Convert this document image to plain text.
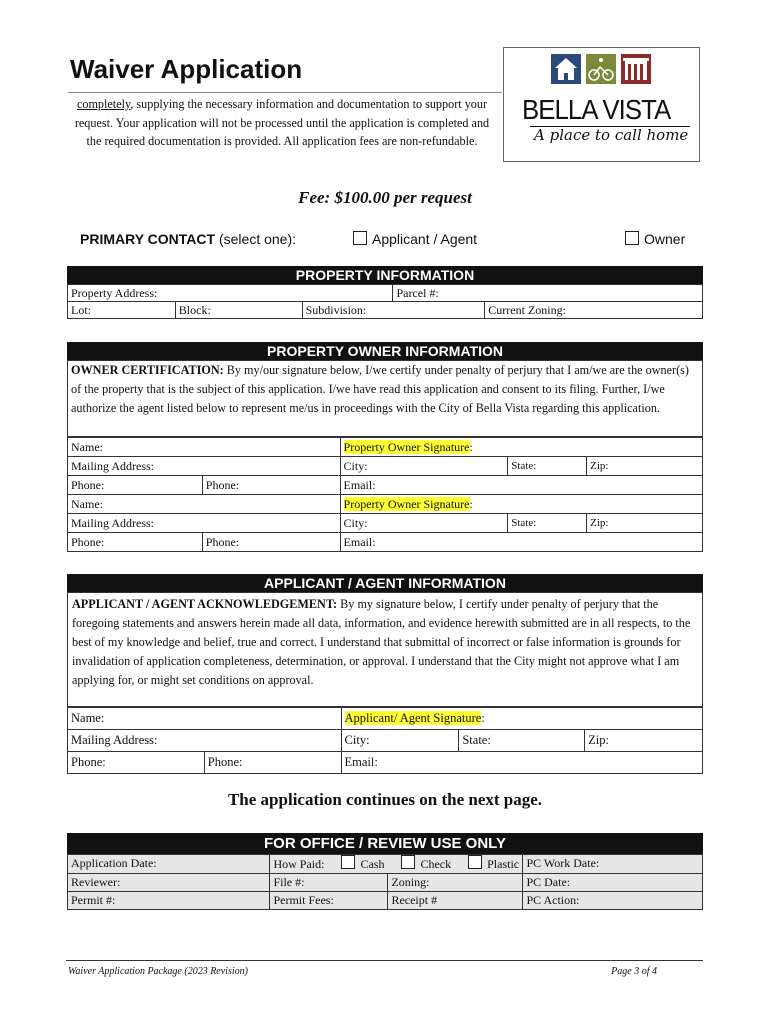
Waiver Application
completely, supplying the necessary information and documentation to support your request. Your application will not be processed until the application is completed and the required documentation is provided. All application fees are non-refundable.
BELLA VISTA
A place to call home
Fee: $100.00 per request
PRIMARY CONTACT (select one):	Applicant / Agent	Owner
PROPERTY INFORMATION
Property Address:			Parcel #:	
Lot:	Block:	Subdivision:		Current Zoning:
PROPERTY OWNER INFORMATION
OWNER CERTIFICATION: By my/our signature below, I/we certify under penalty of perjury that I am/we are the owner(s) of the property that is the subject of this application. I/we have read this application and consent to its filing. Further, I/we authorize the agent listed below to represent me/us in proceedings with the City of Bella Vista regarding this application.
Name:		Property Owner Signature:		
Mailing Address:		City:	State:	Zip:
Phone:	Phone:	Email:		
Name:		Property Owner Signature:		
Mailing Address:		City:	State:	Zip:
Phone:	Phone:	Email:		
APPLICANT / AGENT INFORMATION
APPLICANT / AGENT ACKNOWLEDGEMENT: By my signature below, I certify under penalty of perjury that the foregoing statements and answers herein made all data, information, and evidence herewith submitted are in all respects, to the best of my knowledge and belief, true and correct. I understand that submittal of incorrect or false information is grounds for invalidation of application completeness, determination, or approval. I understand that the City might not approve what I am applying for, or might set conditions on approval.
Name:		Applicant/ Agent Signature:		
Mailing Address:		City:	State:	Zip:
Phone:	Phone:	Email:		
The application continues on the next page.
FOR OFFICE / REVIEW USE ONLY
Application Date:	How Paid: Cash Check Plastic		PC Work Date:
Reviewer:	File #:	Zoning:	PC Date:
Permit #:	Permit Fees:	Receipt #	PC Action:
Waiver Application Package (2023 Revision)	Page 3 of 4
